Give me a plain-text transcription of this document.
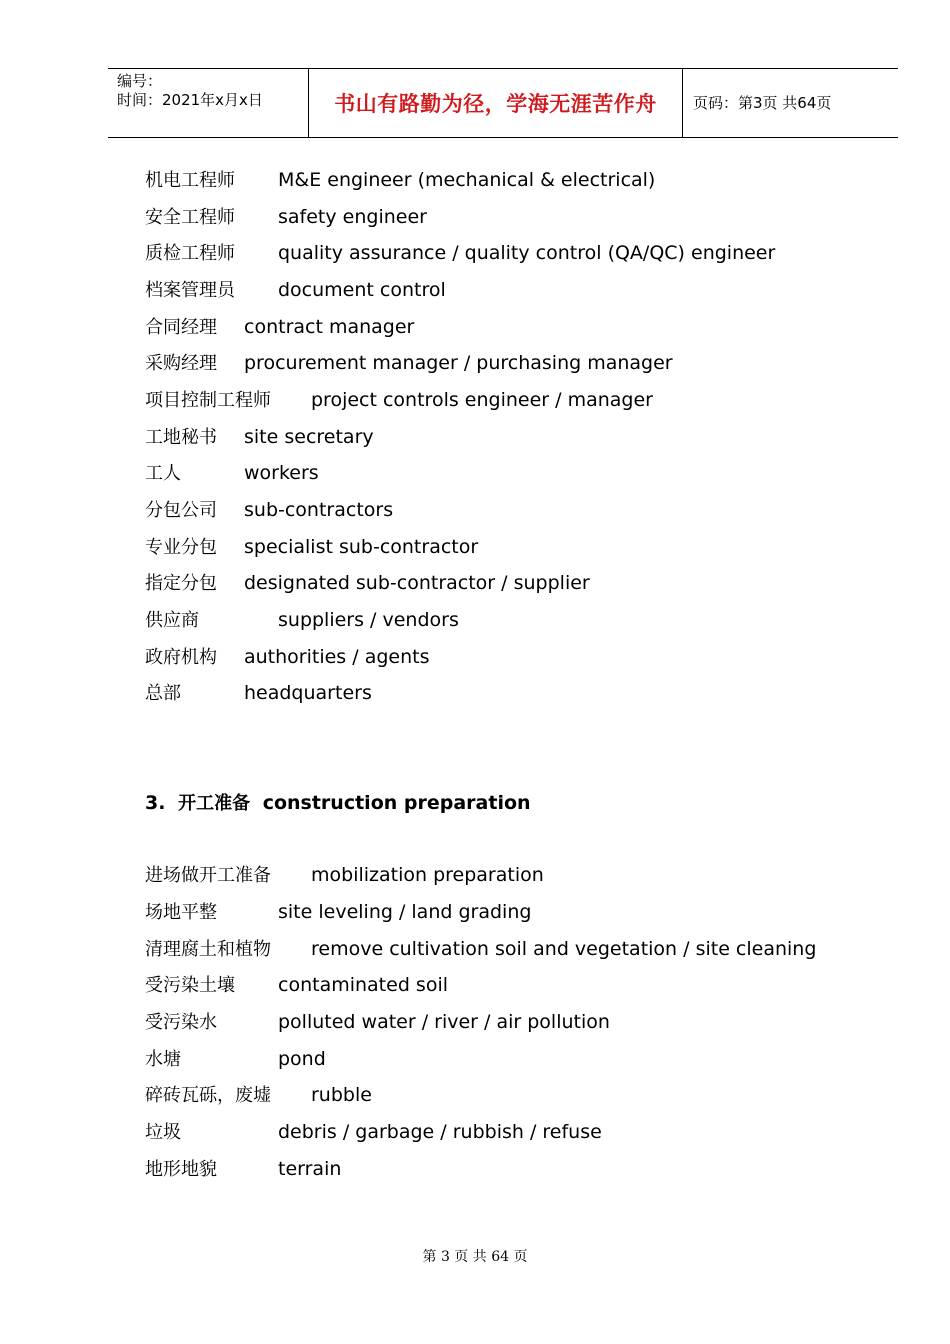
编号：
时间：2021年x月x日	书山有路勤为径，学海无涯苦作舟 页码：第3页 共64页
机电工程师 M&E engineer (mechanical & electrical)
安全工程师 safety engineer
质检工程师 quality assurance / quality control (QA/QC) engineer
档案管理员 document control
合同经理 contract manager
采购经理 procurement manager / purchasing manager
项目控制工程师 project controls engineer / manager
工地秘书 site secretary
工人	workers
分包公司 sub-contractors
专业分包 specialist sub-contractor
指定分包 designated sub-contractor / supplier
供应商	suppliers / vendors
政府机构 authorities / agents
总部	headquarters
3. 开工准备 construction preparation
进场做开工准备 mobilization preparation
场地平整	site leveling / land grading
清理腐土和植物 remove cultivation soil and vegetation / site cleaning
受污染土壤 contaminated soil
受污染水	polluted water / river / air pollution
水塘	pond
碎砖瓦砾，废墟 rubble
垃圾	debris / garbage / rubbish / refuse
地形地貌	terrain
第 3 页 共 64 页
